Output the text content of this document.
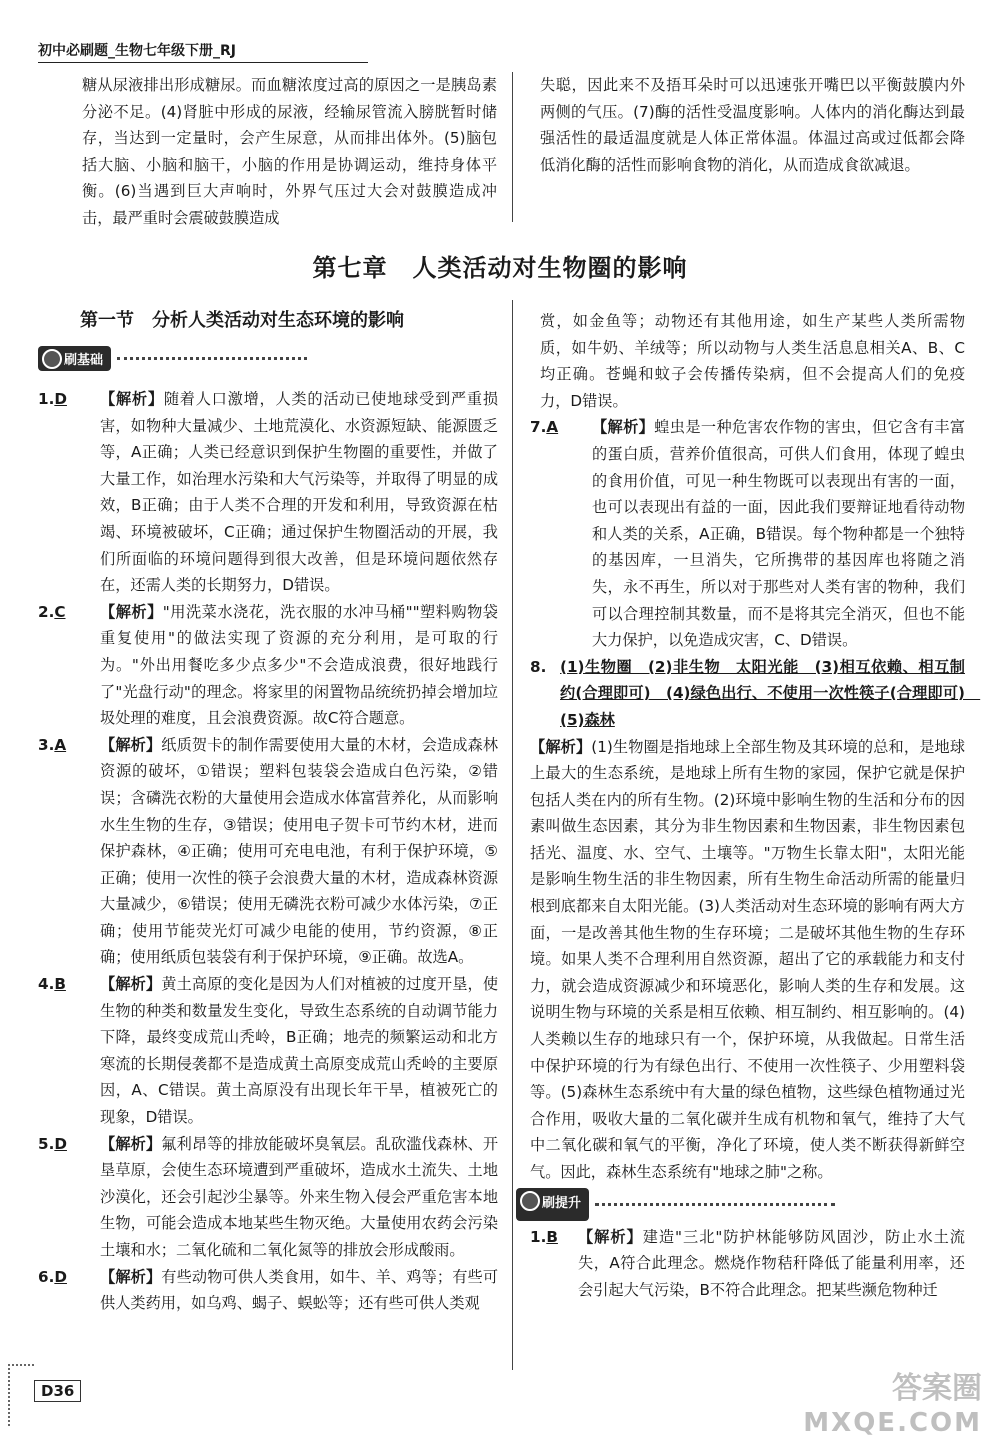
初中必刷题_生物七年级下册_RJ

糖从尿液排出形成糖尿。而血糖浓度过高的原因之一是胰岛素分泌不足。(4)肾脏中形成的尿液，经输尿管流入膀胱暂时储存，当达到一定量时，会产生尿意，从而排出体外。(5)脑包括大脑、小脑和脑干，小脑的作用是协调运动，维持身体平衡。(6)当遇到巨大声响时，外界气压过大会对鼓膜造成冲击，最严重时会震破鼓膜造成

失聪，因此来不及捂耳朵时可以迅速张开嘴巴以平衡鼓膜内外两侧的气压。(7)酶的活性受温度影响。人体内的消化酶达到最强活性的最适温度就是人体正常体温。体温过高或过低都会降低消化酶的活性而影响食物的消化，从而造成食欲减退。

第七章　人类活动对生物圈的影响
第一节　分析人类活动对生态环境的影响
刷基础
1.D	【解析】随着人口激增，人类的活动已使地球受到严重损害，如物种大量减少、土地荒漠化、水资源短缺、能源匮乏等，A正确；人类已经意识到保护生物圈的重要性，并做了大量工作，如治理水污染和大气污染等，并取得了明显的成效，B正确；由于人类不合理的开发和利用，导致资源在枯竭、环境被破坏，C正确；通过保护生物圈活动的开展，我们所面临的环境问题得到很大改善，但是环境问题依然存在，还需人类的长期努力，D错误。
2.C	【解析】"用洗菜水浇花，洗衣服的水冲马桶""塑料购物袋重复使用"的做法实现了资源的充分利用，是可取的行为。"外出用餐吃多少点多少"不会造成浪费，很好地践行了"光盘行动"的理念。将家里的闲置物品统统扔掉会增加垃圾处理的难度，且会浪费资源。故C符合题意。
3.A	【解析】纸质贺卡的制作需要使用大量的木材，会造成森林资源的破坏，①错误；塑料包装袋会造成白色污染，②错误；含磷洗衣粉的大量使用会造成水体富营养化，从而影响水生生物的生存，③错误；使用电子贺卡可节约木材，进而保护森林，④正确；使用可充电电池，有利于保护环境，⑤正确；使用一次性的筷子会浪费大量的木材，造成森林资源大量减少，⑥错误；使用无磷洗衣粉可减少水体污染，⑦正确；使用节能荧光灯可减少电能的使用，节约资源，⑧正确；使用纸质包装袋有利于保护环境，⑨正确。故选A。
4.B	【解析】黄土高原的变化是因为人们对植被的过度开垦，使生物的种类和数量发生变化，导致生态系统的自动调节能力下降，最终变成荒山秃岭，B正确；地壳的频繁运动和北方寒流的长期侵袭都不是造成黄土高原变成荒山秃岭的主要原因，A、C错误。黄土高原没有出现长年干旱，植被死亡的现象，D错误。
5.D	【解析】氟利昂等的排放能破坏臭氧层。乱砍滥伐森林、开垦草原，会使生态环境遭到严重破坏，造成水土流失、土地沙漠化，还会引起沙尘暴等。外来生物入侵会严重危害本地生物，可能会造成本地某些生物灭绝。大量使用农药会污染土壤和水；二氧化硫和二氧化氮等的排放会形成酸雨。
6.D	【解析】有些动物可供人类食用，如牛、羊、鸡等；有些可供人类药用，如乌鸡、蝎子、蜈蚣等；还有些可供人类观

赏，如金鱼等；动物还有其他用途，如生产某些人类所需物质，如牛奶、羊绒等；所以动物与人类生活息息相关A、B、C均正确。苍蝇和蚊子会传播传染病，但不会提高人们的免疫力，D错误。

7.A	【解析】蝗虫是一种危害农作物的害虫，但它含有丰富的蛋白质，营养价值很高，可供人们食用，体现了蝗虫的食用价值，可见一种生物既可以表现出有害的一面，也可以表现出有益的一面，因此我们要辩证地看待动物和人类的关系，A正确，B错误。每个物种都是一个独特的基因库，一旦消失，它所携带的基因库也将随之消失，永不再生，所以对于那些对人类有害的物种，我们可以合理控制其数量，而不是将其完全消灭，但也不能大力保护，以免造成灾害，C、D错误。
8. (1)生物圈　(2)非生物　太阳光能　(3)相互依赖、相互制约(合理即可)　(4)绿色出行、不使用一次性筷子(合理即可)　(5)森林

【解析】(1)生物圈是指地球上全部生物及其环境的总和，是地球上最大的生态系统，是地球上所有生物的家园，保护它就是保护包括人类在内的所有生物。(2)环境中影响生物的生活和分布的因素叫做生态因素，其分为非生物因素和生物因素，非生物因素包括光、温度、水、空气、土壤等。"万物生长靠太阳"，太阳光能是影响生物生活的非生物因素，所有生物生命活动所需的能量归根到底都来自太阳光能。(3)人类活动对生态环境的影响有两大方面，一是改善其他生物的生存环境；二是破坏其他生物的生存环境。如果人类不合理利用自然资源，超出了它的承载能力和支付力，就会造成资源减少和环境恶化，影响人类的生存和发展。这说明生物与环境的关系是相互依赖、相互制约、相互影响的。(4)人类赖以生存的地球只有一个，保护环境，从我做起。日常生活中保护环境的行为有绿色出行、不使用一次性筷子、少用塑料袋等。(5)森林生态系统中有大量的绿色植物，这些绿色植物通过光合作用，吸收大量的二氧化碳并生成有机物和氧气，维持了大气中二氧化碳和氧气的平衡，净化了环境，使人类不断获得新鲜空气。因此，森林生态系统有"地球之肺"之称。

刷提升
1.B	【解析】建造"三北"防护林能够防风固沙，防止水土流失，A符合此理念。燃烧作物秸秆降低了能量利用率，还会引起大气污染，B不符合此理念。把某些濒危物种迁
D36	答案圈
MXQE.COM
